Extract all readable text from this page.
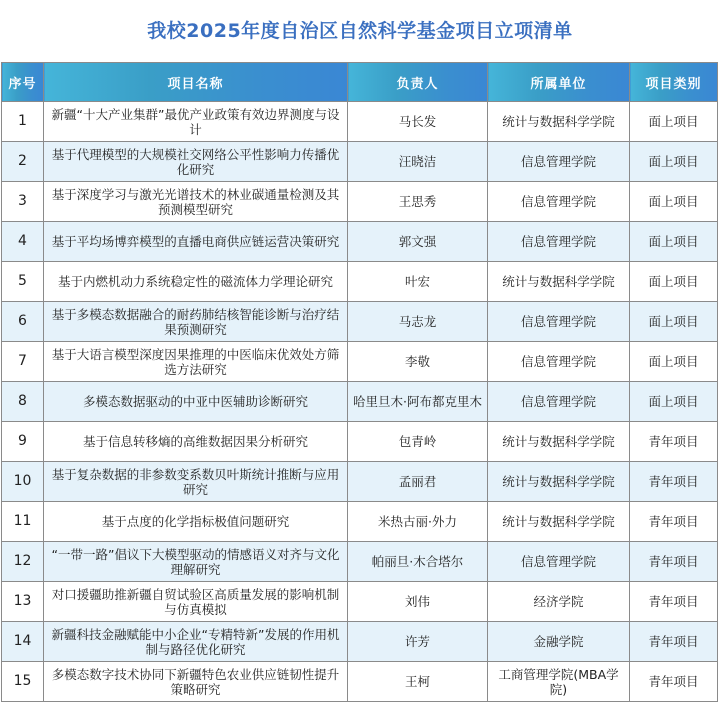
我校2025年度自治区自然科学基金项目立项清单
序号	项目名称	负责人	所属单位	项目类别
1	新疆“十大产业集群”最优产业政策有效边界测度与设计	马长发	统计与数据科学学院	面上项目
2	基于代理模型的大规模社交网络公平性影响力传播优化研究	汪晓洁	信息管理学院	面上项目
3	基于深度学习与激光光谱技术的林业碳通量检测及其预测模型研究	王思秀	信息管理学院	面上项目
4	基于平均场博弈模型的直播电商供应链运营决策研究	郭文强	信息管理学院	面上项目
5	基于内燃机动力系统稳定性的磁流体力学理论研究	叶宏	统计与数据科学学院	面上项目
6	基于多模态数据融合的耐药肺结核智能诊断与治疗结果预测研究	马志龙	信息管理学院	面上项目
7	基于大语言模型深度因果推理的中医临床优效处方筛选方法研究	李敬	信息管理学院	面上项目
8	多模态数据驱动的中亚中医辅助诊断研究	哈里旦木·阿布都克里木	信息管理学院	面上项目
9	基于信息转移熵的高维数据因果分析研究	包青岭	统计与数据科学学院	青年项目
10	基于复杂数据的非参数变系数贝叶斯统计推断与应用研究	孟丽君	统计与数据科学学院	青年项目
11	基于点度的化学指标极值问题研究	米热古丽·外力	统计与数据科学学院	青年项目
12	“一带一路”倡议下大模型驱动的情感语义对齐与文化理解研究	帕丽旦·木合塔尔	信息管理学院	青年项目
13	对口援疆助推新疆自贸试验区高质量发展的影响机制与仿真模拟	刘伟	经济学院	青年项目
14	新疆科技金融赋能中小企业“专精特新”发展的作用机制与路径优化研究	许芳	金融学院	青年项目
15	多模态数字技术协同下新疆特色农业供应链韧性提升策略研究	王柯	工商管理学院(MBA学院)	青年项目
